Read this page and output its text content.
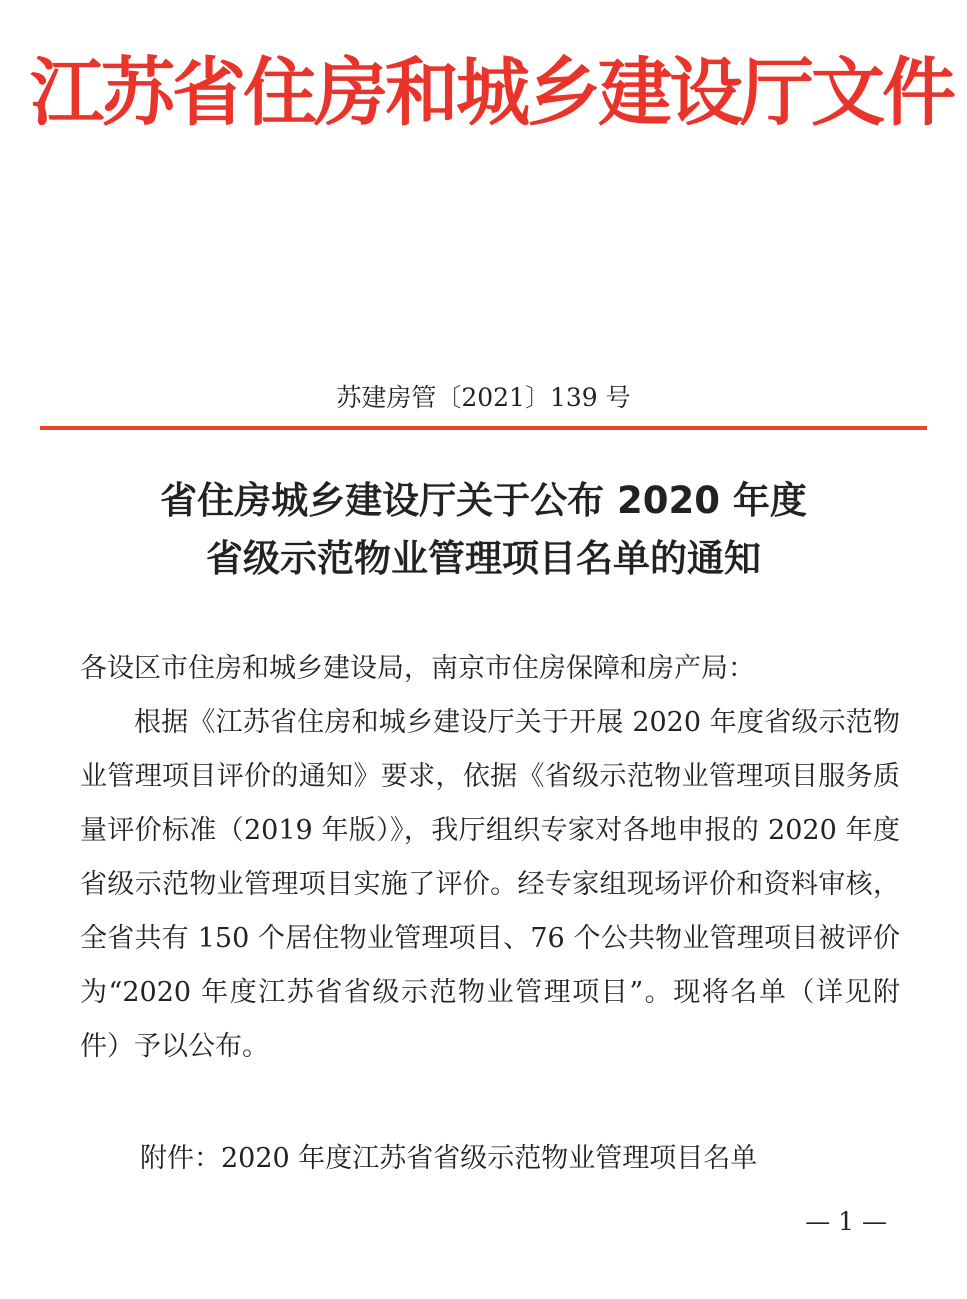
江苏省住房和城乡建设厅文件
苏建房管〔2021〕139 号
省住房城乡建设厅关于公布 2020 年度
省级示范物业管理项目名单的通知
各设区市住房和城乡建设局，南京市住房保障和房产局：
根据《江苏省住房和城乡建设厅关于开展 2020 年度省级示范物业管理项目评价的通知》要求，依据《省级示范物业管理项目服务质量评价标准（2019 年版）》，我厅组织专家对各地申报的 2020 年度省级示范物业管理项目实施了评价。经专家组现场评价和资料审核，全省共有 150 个居住物业管理项目、76 个公共物业管理项目被评价为“2020 年度江苏省省级示范物业管理项目”。现将名单（详见附件）予以公布。
附件：2020 年度江苏省省级示范物业管理项目名单
— 1 —
